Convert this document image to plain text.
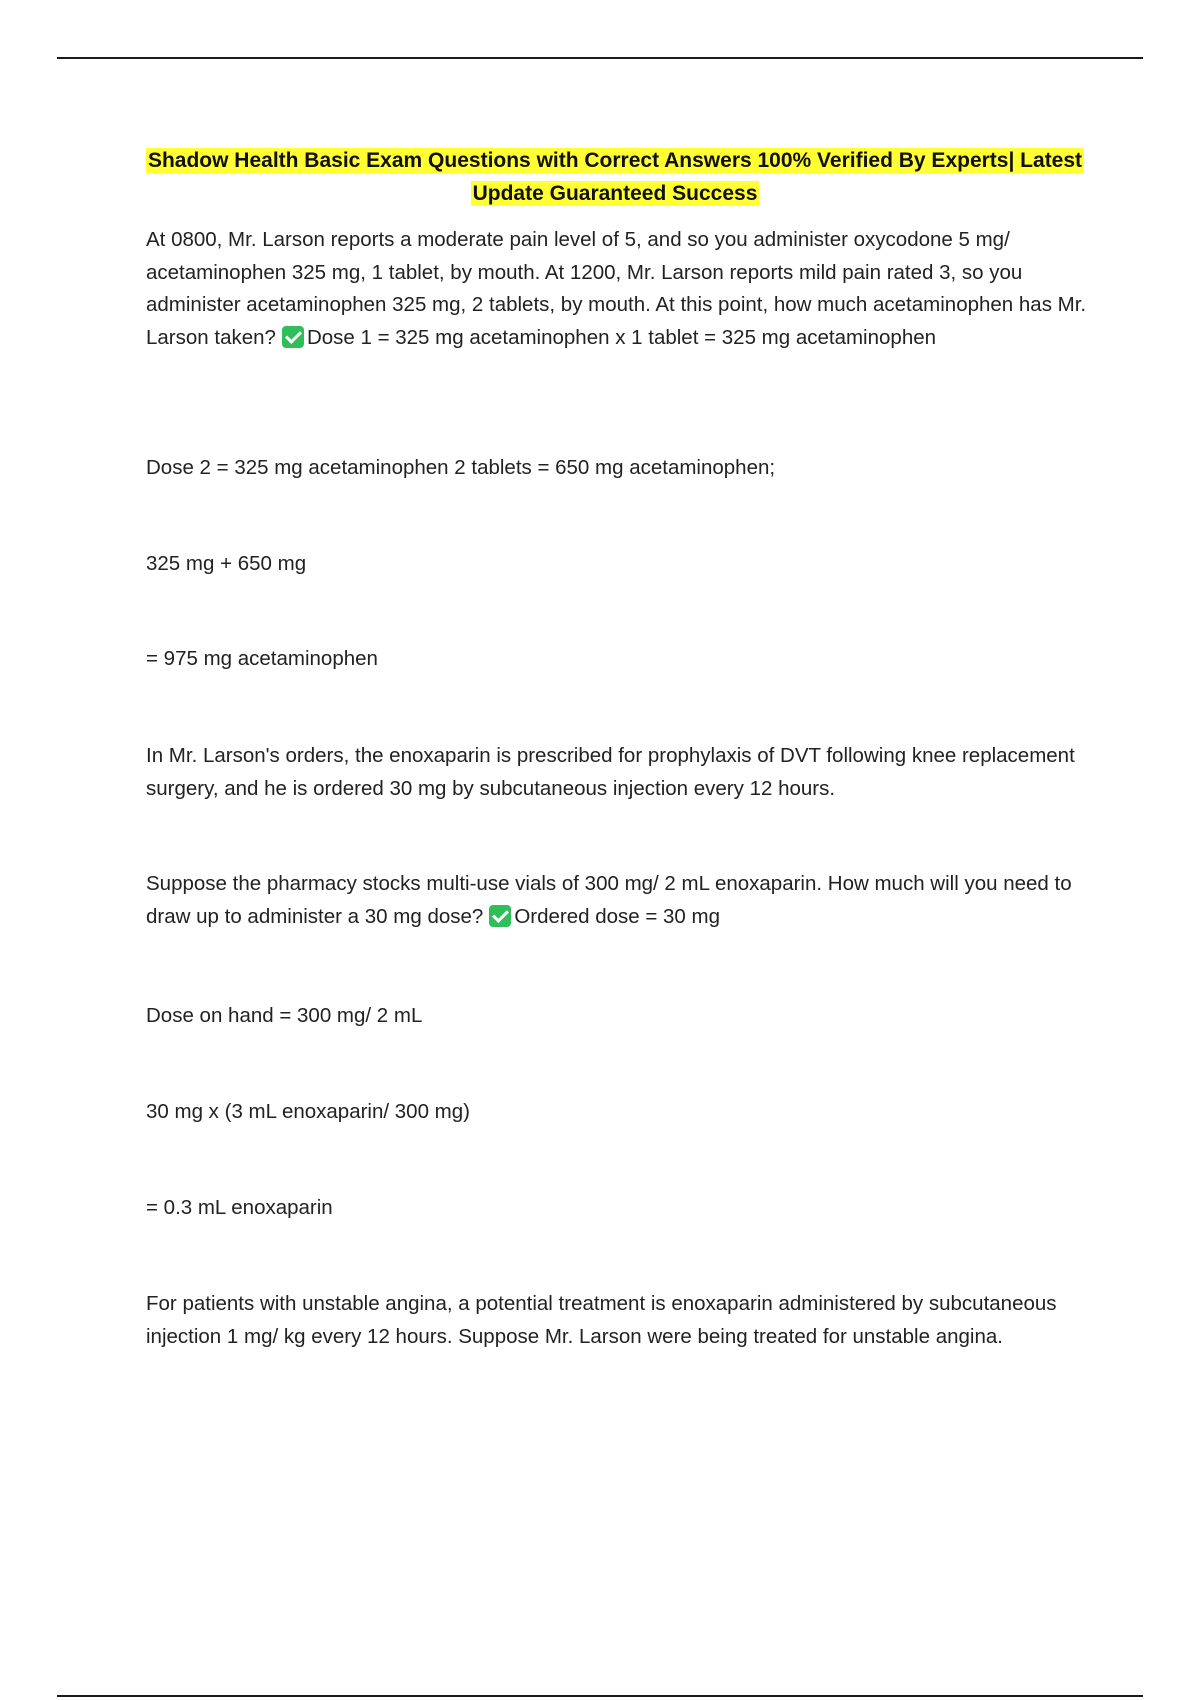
Shadow Health Basic Exam Questions with Correct Answers 100% Verified By Experts| Latest Update Guaranteed Success

At 0800, Mr. Larson reports a moderate pain level of 5, and so you administer oxycodone 5 mg/ acetaminophen 325 mg, 1 tablet, by mouth. At 1200, Mr. Larson reports mild pain rated 3, so you administer acetaminophen 325 mg, 2 tablets, by mouth. At this point, how much acetaminophen has Mr. Larson taken? Dose 1 = 325 mg acetaminophen x 1 tablet = 325 mg acetaminophen

Dose 2 = 325 mg acetaminophen 2 tablets = 650 mg acetaminophen;

325 mg + 650 mg

= 975 mg acetaminophen

In Mr. Larson's orders, the enoxaparin is prescribed for prophylaxis of DVT following knee replacement surgery, and he is ordered 30 mg by subcutaneous injection every 12 hours.

Suppose the pharmacy stocks multi-use vials of 300 mg/ 2 mL enoxaparin. How much will you need to draw up to administer a 30 mg dose? Ordered dose = 30 mg

Dose on hand = 300 mg/ 2 mL

30 mg x (3 mL enoxaparin/ 300 mg)

= 0.3 mL enoxaparin

For patients with unstable angina, a potential treatment is enoxaparin administered by subcutaneous injection 1 mg/ kg every 12 hours. Suppose Mr. Larson were being treated for unstable angina.
